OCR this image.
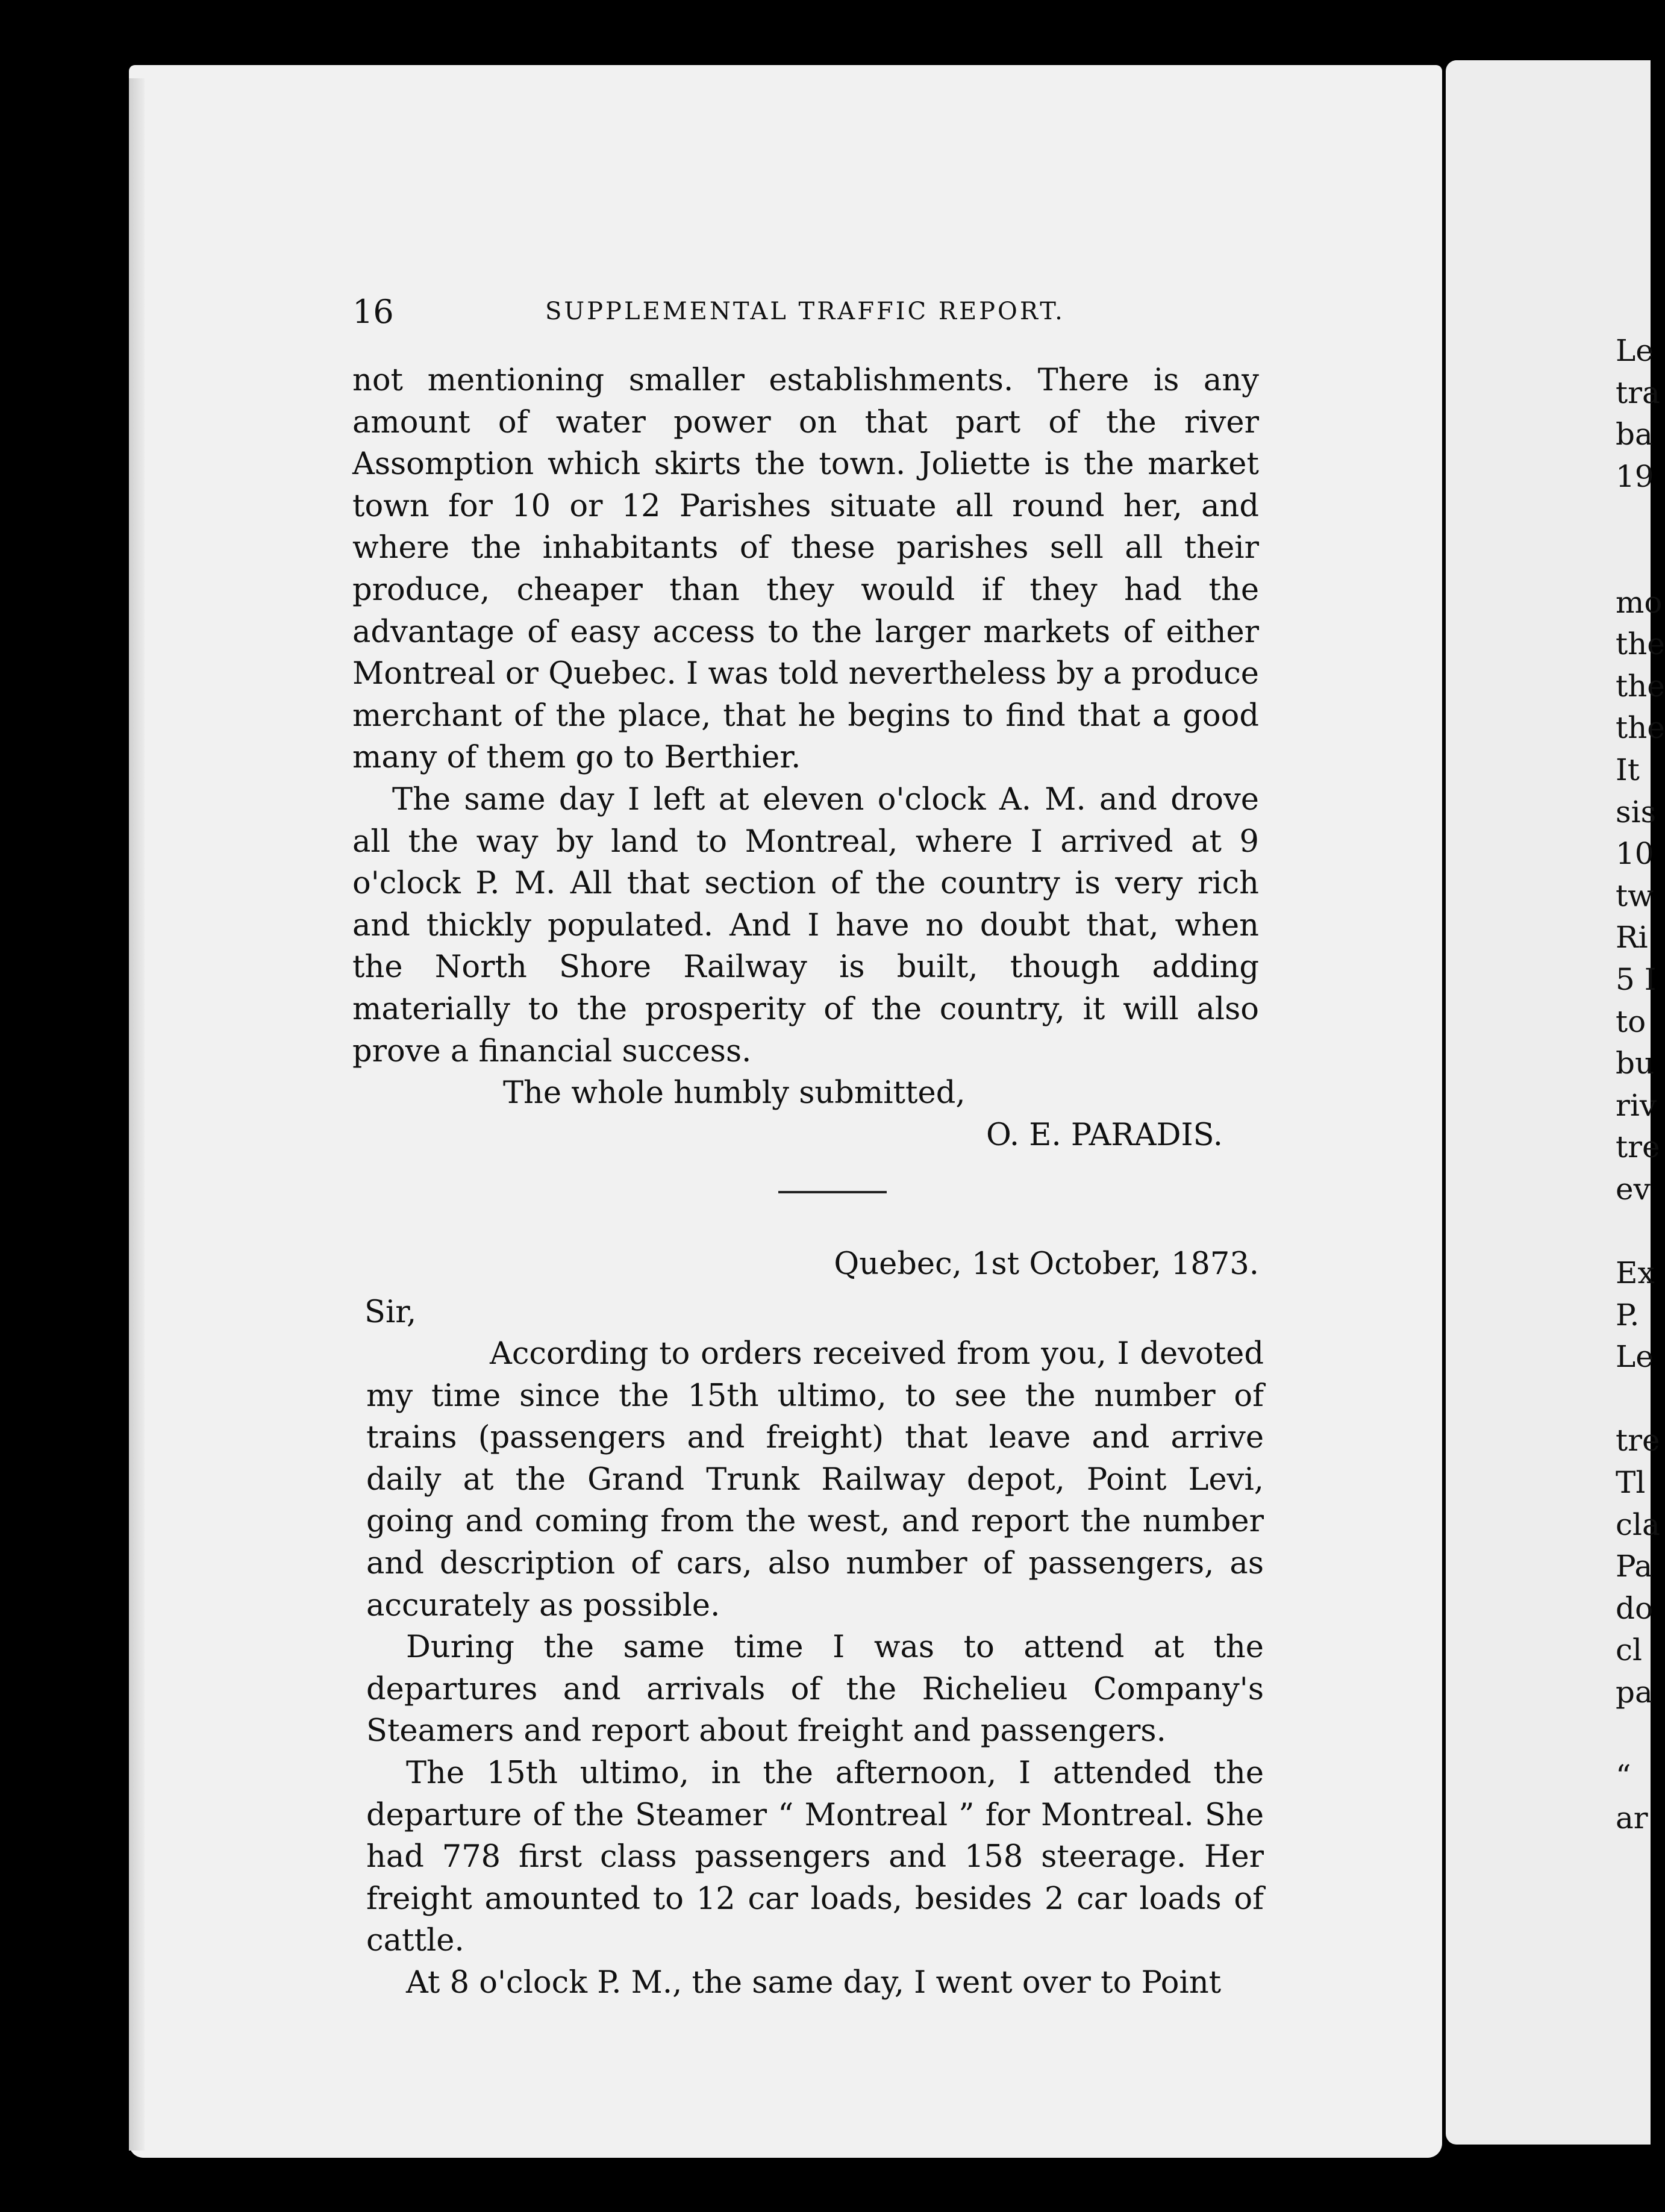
16	SUPPLEMENTAL TRAFFIC REPORT.

not mentioning smaller establishments. There is any amount of water power on that part of the river Assomption which skirts the town. Joliette is the market town for 10 or 12 Parishes situate all round her, and where the inhabitants of these parishes sell all their produce, cheaper than they would if they had the advantage of easy access to the larger markets of either Montreal or Quebec. I was told nevertheless by a produce merchant of the place, that he begins to find that a good many of them go to Berthier.

The same day I left at eleven o'clock A. M. and drove all the way by land to Montreal, where I arrived at 9 o'clock P. M. All that section of the country is very rich and thickly populated. And I have no doubt that, when the North Shore Railway is built, though adding materially to the prosperity of the country, it will also prove a financial success.

The whole humbly submitted,

O. E. PARADIS.

Quebec, 1st October, 1873.
Sir,

According to orders received from you, I devoted my time since the 15th ultimo, to see the number of trains (passengers and freight) that leave and arrive daily at the Grand Trunk Railway depot, Point Levi, going and coming from the west, and report the number and description of cars, also number of passengers, as accurately as possible.

During the same time I was to attend at the departures and arrivals of the Richelieu Company's Steamers and report about freight and passengers.

The 15th ultimo, in the afternoon, I attended the departure of the Steamer “ Montreal ” for Montreal. She had 778 first class passengers and 158 steerage. Her freight amounted to 12 car loads, besides 2 car loads of cattle.

At 8 o'clock P. M., the same day, I went over to Point

Le

tra

ba

19

mo

the

the

the

It

sis

10

tw

Ri

5 I

to

bu

riv

tre

ev

Ex

P.

Le

tre

Tl

cla

Pa

do

cl

pa

“

ar
